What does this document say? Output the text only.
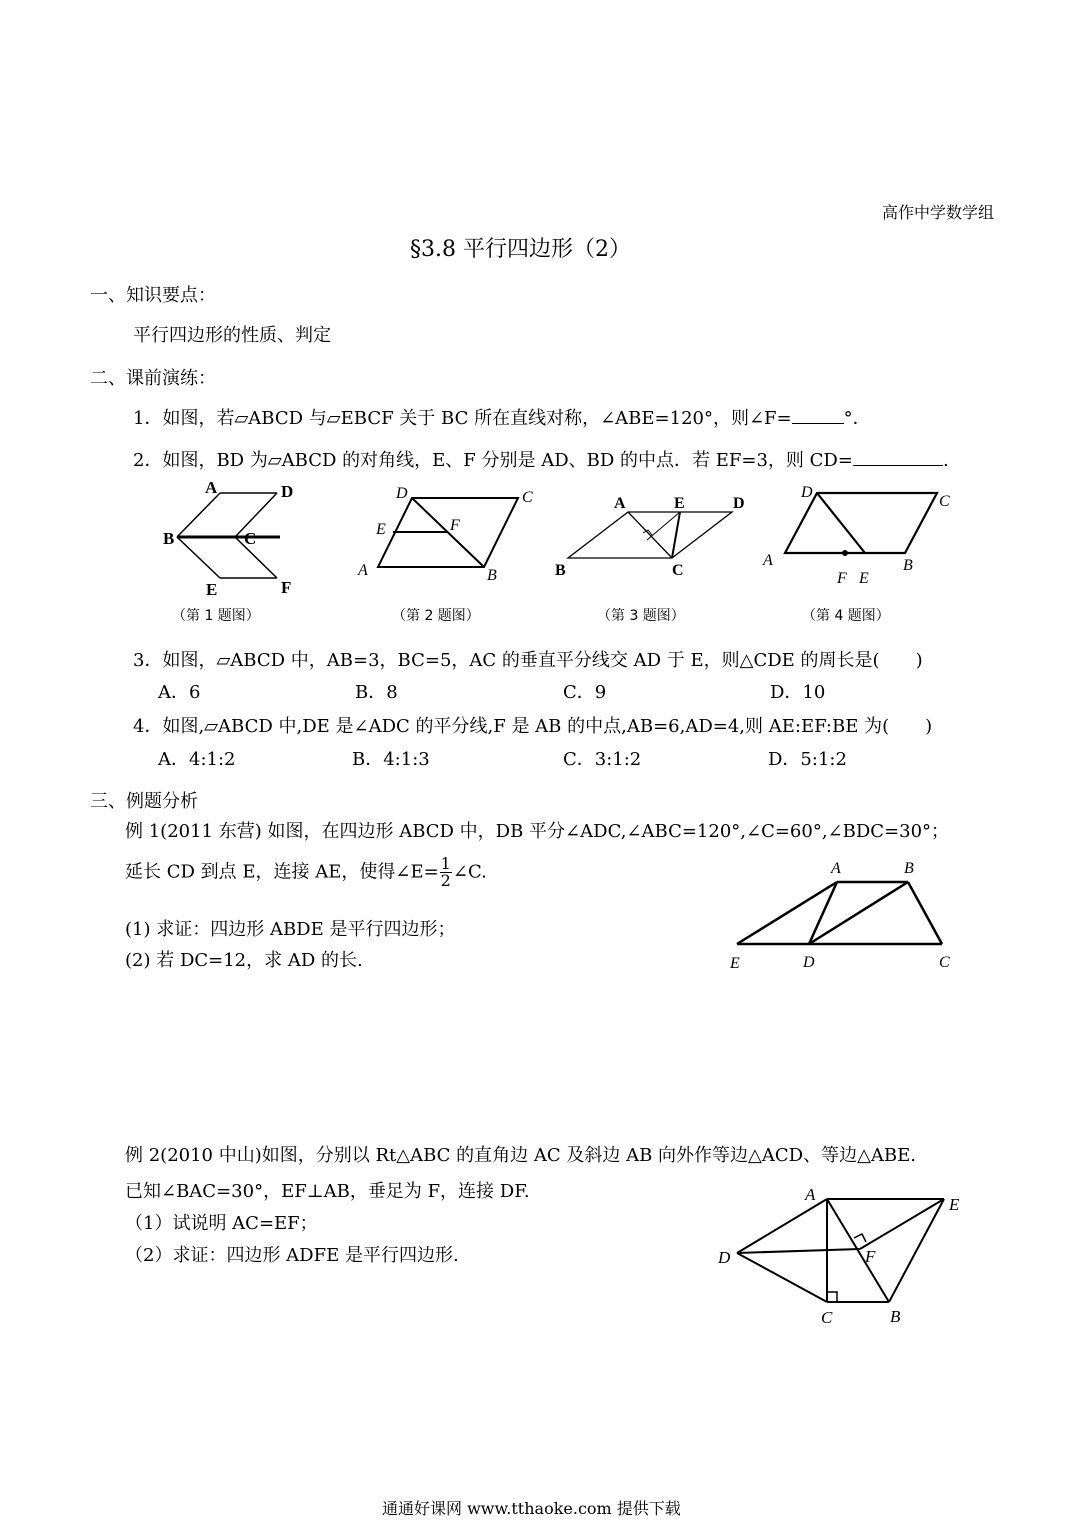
高作中学数学组
§3.8 平行四边形（2）
一、知识要点：
平行四边形的性质、判定
二、课前演练：
1．如图，若▱ABCD 与▱EBCF 关于 BC 所在直线对称，∠ABE=120°，则∠F=	°．
2．如图，BD 为▱ABCD 的对角线，E、F 分别是 AD、BD 的中点．若 EF=3，则 CD=	.
A	D
B	C
E	F
（第 1 题图）
D	C
E	F
A	B
（第 2 题图）
A	E	D
B	C
（第 3 题图）
D
C
A
F E
B
（第 4 题图）
3．如图，▱ABCD 中，AB=3，BC=5，AC 的垂直平分线交 AD 于 E，则△CDE 的周长是(　　)
A．6	B．8	C．9	D．10
4．如图,▱ABCD 中,DE 是∠ADC 的平分线,F 是 AB 的中点,AB=6,AD=4,则 AE:EF:BE 为(　　)
A．4:1:2	B．4:1:3	C．3:1:2	D．5:1:2
三、例题分析
例 1(2011 东营) 如图，在四边形 ABCD 中，DB 平分∠ADC,∠ABC=120°,∠C=60°,∠BDC=30°；
延长 CD 到点 E，连接 AE，使得∠E= $\frac{1}{2}$ ∠C.
(1) 求证：四边形 ABDE 是平行四边形；
(2) 若 DC=12，求 AD 的长.
A	B
E	D	C
例 2(2010 中山)如图，分别以 Rt△ABC 的直角边 AC 及斜边 AB 向外作等边△ACD、等边△ABE.
已知∠BAC=30°，EF⊥AB，垂足为 F，连接 DF.
（1）试说明 AC=EF；
（2）求证：四边形 ADFE 是平行四边形.
A
E
D	F
C	B
通通好课网 www.tthaoke.com 提供下载
